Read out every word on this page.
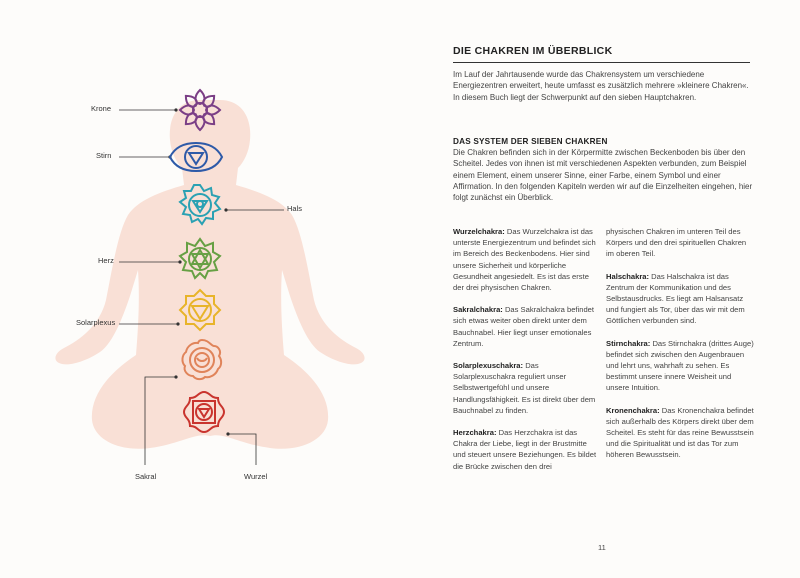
Krone
Stirn
Hals
Herz
Solarplexus
Sakral	Wurzel
DIE CHAKREN IM ÜBERBLICK
Im Lauf der Jahrtausende wurde das Chakrensystem um verschiedene Energiezentren erweitert, heute umfasst es zusätzlich mehrere »kleinere Chakren«. In diesem Buch liegt der Schwerpunkt auf den sieben Hauptchakren.
DAS SYSTEM DER SIEBEN CHAKREN
Die Chakren befinden sich in der Körpermitte zwischen Beckenboden bis über den Scheitel. Jedes von ihnen ist mit verschiedenen Aspekten verbunden, zum Beispiel einem Element, einem unserer Sinne, einer Farbe, einem Symbol und einer Affirmation. In den folgenden Kapiteln werden wir auf die Einzelheiten eingehen, hier folgt zunächst ein Überblick.

Wurzelchakra: Das Wurzelchakra ist das unterste Energiezentrum und befindet sich im Bereich des Beckenbodens. Hier sind unsere Sicherheit und körperliche Gesundheit angesiedelt. Es ist das erste der drei physischen Chakren.

Sakralchakra: Das Sakralchakra befindet sich etwas weiter oben direkt unter dem Bauchnabel. Hier liegt unser emotionales Zentrum.

Solarplexuschakra: Das Solarplexuschakra reguliert unser Selbstwertgefühl und unsere Handlungsfähigkeit. Es ist direkt über dem Bauchnabel zu finden.

Herzchakra: Das Herzchakra ist das Chakra der Liebe, liegt in der Brustmitte und steuert unsere Beziehungen. Es bildet die Brücke zwischen den drei

physischen Chakren im unteren Teil des Körpers und den drei spirituellen Chakren im oberen Teil.

Halschakra: Das Halschakra ist das Zentrum der Kommunikation und des Selbstausdrucks. Es liegt am Halsansatz und fungiert als Tor, über das wir mit dem Göttlichen verbunden sind.

Stirnchakra: Das Stirnchakra (drittes Auge) befindet sich zwischen den Augenbrauen und lehrt uns, wahrhaft zu sehen. Es bestimmt unsere innere Weisheit und unsere Intuition.

Kronenchakra: Das Kronenchakra befindet sich außerhalb des Körpers direkt über dem Scheitel. Es steht für das reine Bewusstsein und die Spiritualität und ist das Tor zum höheren Bewusstsein.

11
